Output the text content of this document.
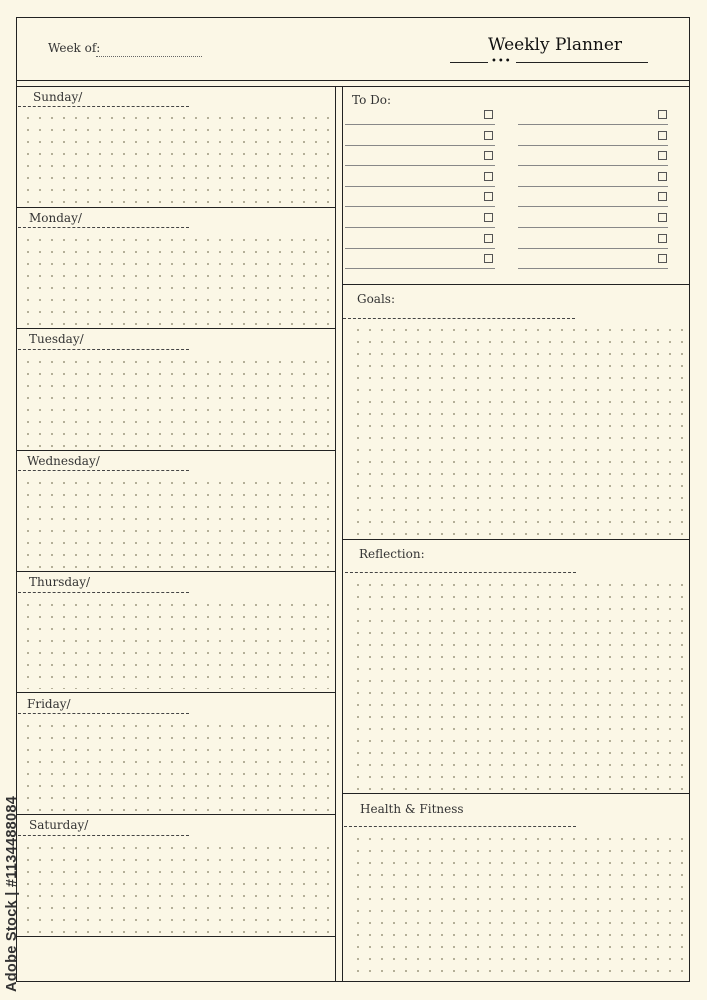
Week of:	Weekly Planner
•••
Sunday/
Monday/
Tuesday/
Wednesday/
Thursday/
Friday/
Saturday/
To Do:
Goals:
Reflection:
Health & Fitness
Adobe Stock | #1134488084
